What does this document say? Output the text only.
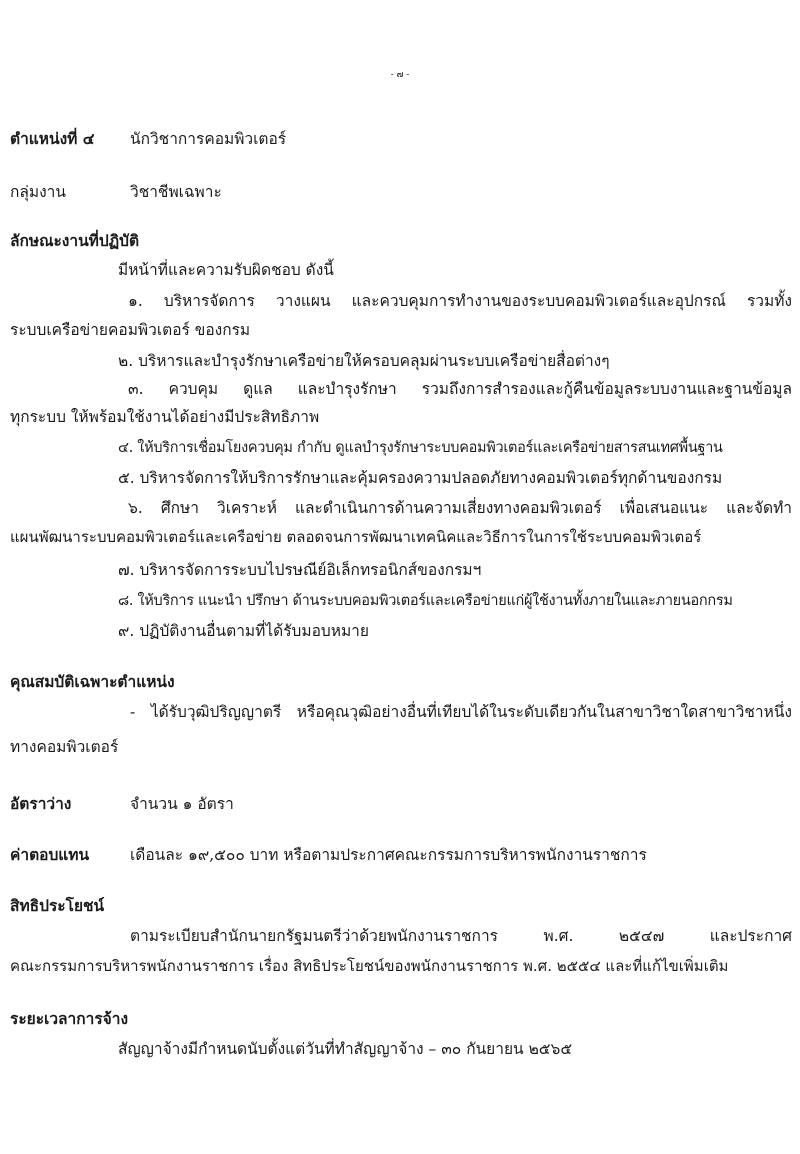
- ๗ -
ตำแหน่งที่ ๔ นักวิชาการคอมพิวเตอร์
กลุ่มงาน	วิชาชีพเฉพาะ
ลักษณะงานที่ปฏิบัติ
มีหน้าที่และความรับผิดชอบ ดังนี้
๑. บริหารจัดการ วางแผน และควบคุมการทำงานของระบบคอมพิวเตอร์และอุปกรณ์ รวมทั้ง
ระบบเครือข่ายคอมพิวเตอร์ ของกรม
๒. บริหารและบำรุงรักษาเครือข่ายให้ครอบคลุมผ่านระบบเครือข่ายสื่อต่างๆ
๓. ควบคุม ดูแล และบำรุงรักษา รวมถึงการสำรองและกู้คืนข้อมูลระบบงานและฐานข้อมูล
ทุกระบบ ให้พร้อมใช้งานได้อย่างมีประสิทธิภาพ
๔. ให้บริการเชื่อมโยงควบคุม กำกับ ดูแลบำรุงรักษาระบบคอมพิวเตอร์และเครือข่ายสารสนเทศพื้นฐาน
๕. บริหารจัดการให้บริการรักษาและคุ้มครองความปลอดภัยทางคอมพิวเตอร์ทุกด้านของกรม
๖. ศึกษา วิเคราะห์ และดำเนินการด้านความเสี่ยงทางคอมพิวเตอร์ เพื่อเสนอแนะ และจัดทำ
แผนพัฒนาระบบคอมพิวเตอร์และเครือข่าย ตลอดจนการพัฒนาเทคนิคและวิธีการในการใช้ระบบคอมพิวเตอร์
๗. บริหารจัดการระบบไปรษณีย์อิเล็กทรอนิกส์ของกรมฯ
๘. ให้บริการ แนะนำ ปรึกษา ด้านระบบคอมพิวเตอร์และเครือข่ายแก่ผู้ใช้งานทั้งภายในและภายนอกกรม
๙. ปฏิบัติงานอื่นตามที่ได้รับมอบหมาย
คุณสมบัติเฉพาะตำแหน่ง
- ได้รับวุฒิปริญญาตรี หรือคุณวุฒิอย่างอื่นที่เทียบได้ในระดับเดียวกันในสาขาวิชาใดสาขาวิชาหนึ่ง
ทางคอมพิวเตอร์
อัตราว่าง	จำนวน ๑ อัตรา
ค่าตอบแทน	เดือนละ ๑๙,๕๐๐ บาท หรือตามประกาศคณะกรรมการบริหารพนักงานราชการ
สิทธิประโยชน์
ตามระเบียบสำนักนายกรัฐมนตรีว่าด้วยพนักงานราชการ พ.ศ. ๒๕๔๗ และประกาศ
คณะกรรมการบริหารพนักงานราชการ เรื่อง สิทธิประโยชน์ของพนักงานราชการ พ.ศ. ๒๕๕๔ และที่แก้ไขเพิ่มเติม
ระยะเวลาการจ้าง
สัญญาจ้างมีกำหนดนับตั้งแต่วันที่ทำสัญญาจ้าง – ๓๐ กันยายน ๒๕๖๕
